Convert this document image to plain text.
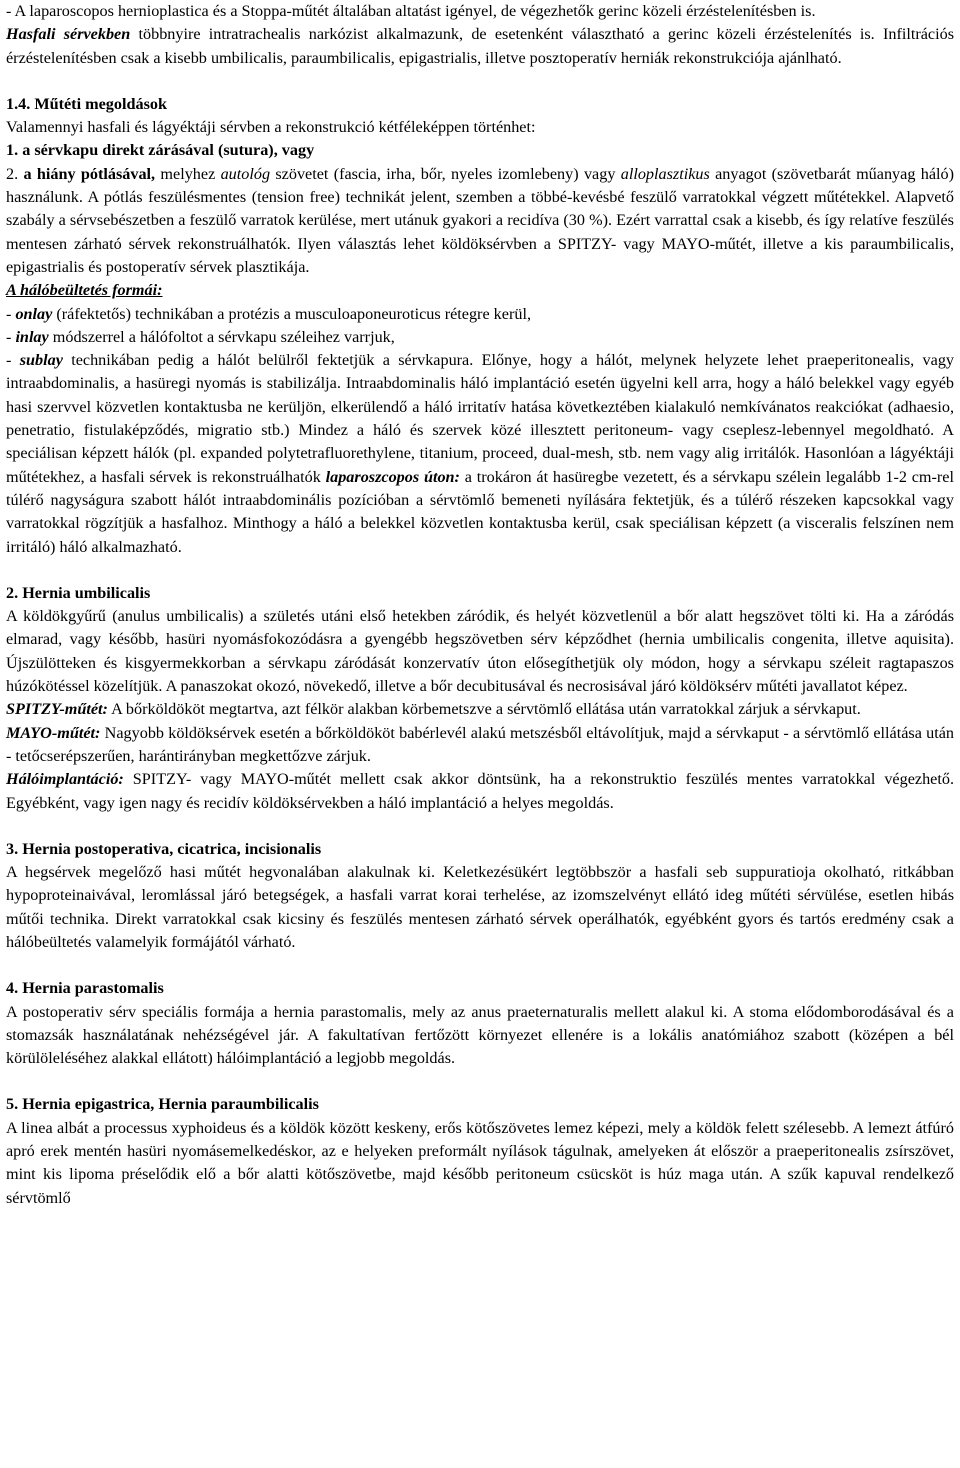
- A laparoscopos hernioplastica és a Stoppa-műtét általában altatást igényel, de végezhetők gerinc közeli érzéstelenítésben is.

Hasfali sérvekben többnyire intratrachealis narkózist alkalmazunk, de esetenként választható a gerinc közeli érzéstelenítés is. Infiltrációs érzéstelenítésben csak a kisebb umbilicalis, paraumbilicalis, epigastrialis, illetve posztoperatív herniák rekonstrukciója ajánlható.

1.4. Műtéti megoldások

Valamennyi hasfali és lágyéktáji sérvben a rekonstrukció kétféleképpen történhet:

1. a sérvkapu direkt zárásával (sutura), vagy

2. a hiány pótlásával, melyhez autológ szövetet (fascia, irha, bőr, nyeles izomlebeny) vagy alloplasztikus anyagot (szövetbarát műanyag háló) használunk. A pótlás feszülésmentes (tension free) technikát jelent, szemben a többé-kevésbé feszülő varratokkal végzett műtétekkel. Alapvető szabály a sérvsebészetben a feszülő varratok kerülése, mert utánuk gyakori a recidíva (30 %). Ezért varrattal csak a kisebb, és így relatíve feszülés mentesen zárható sérvek rekonstruálhatók. Ilyen választás lehet köldöksérvben a SPITZY- vagy MAYO-műtét, illetve a kis paraumbilicalis, epigastrialis és postoperatív sérvek plasztikája.

A hálóbeültetés formái:

- onlay (ráfektetős) technikában a protézis a musculoaponeuroticus rétegre kerül,

- inlay módszerrel a hálófoltot a sérvkapu széleihez varrjuk,

- sublay technikában pedig a hálót belülről fektetjük a sérvkapura. Előnye, hogy a hálót, melynek helyzete lehet praeperitonealis, vagy intraabdominalis, a hasüregi nyomás is stabilizálja. Intraabdominalis háló implantáció esetén ügyelni kell arra, hogy a háló belekkel vagy egyéb hasi szervvel közvetlen kontaktusba ne kerüljön, elkerülendő a háló irritatív hatása következtében kialakuló nemkívánatos reakciókat (adhaesio, penetratio, fistulaképződés, migratio stb.) Mindez a háló és szervek közé illesztett peritoneum- vagy cseplesz-lebennyel megoldható. A speciálisan képzett hálók (pl. expanded polytetrafluorethylene, titanium, proceed, dual-mesh, stb. nem vagy alig irritálók. Hasonlóan a lágyéktáji műtétekhez, a hasfali sérvek is rekonstruálhatók laparoszcopos úton: a trokáron át hasüregbe vezetett, és a sérvkapu szélein legalább 1-2 cm-rel túlérő nagyságura szabott hálót intraabdominális pozícióban a sérvtömlő bemeneti nyílására fektetjük, és a túlérő részeken kapcsokkal vagy varratokkal rögzítjük a hasfalhoz. Minthogy a háló a belekkel közvetlen kontaktusba kerül, csak speciálisan képzett (a visceralis felszínen nem irritáló) háló alkalmazható.

2. Hernia umbilicalis

A köldökgyűrű (anulus umbilicalis) a születés utáni első hetekben záródik, és helyét közvetlenül a bőr alatt hegszövet tölti ki. Ha a záródás elmarad, vagy később, hasüri nyomásfokozódásra a gyengébb hegszövetben sérv képződhet (hernia umbilicalis congenita, illetve aquisita). Újszülötteken és kisgyermekkorban a sérvkapu záródását konzervatív úton elősegíthetjük oly módon, hogy a sérvkapu széleit ragtapaszos húzókötéssel közelítjük. A panaszokat okozó, növekedő, illetve a bőr decubitusával és necrosisával járó köldöksérv műtéti javallatot képez.

SPITZY-műtét: A bőrköldököt megtartva, azt félkör alakban körbemetszve a sérvtömlő ellátása után varratokkal zárjuk a sérvkaput.

MAYO-műtét: Nagyobb köldöksérvek esetén a bőrköldököt babérlevél alakú metszésből eltávolítjuk, majd a sérvkaput - a sérvtömlő ellátása után - tetőcserépszerűen, harántirányban megkettőzve zárjuk.

Hálóimplantáció: SPITZY- vagy MAYO-műtét mellett csak akkor döntsünk, ha a rekonstruktio feszülés mentes varratokkal végezhető. Egyébként, vagy igen nagy és recidív köldöksérvekben a háló implantáció a helyes megoldás.

3. Hernia postoperativa, cicatrica, incisionalis

A hegsérvek megelőző hasi műtét hegvonalában alakulnak ki. Keletkezésükért legtöbbször a hasfali seb suppuratioja okolható, ritkábban hypoproteinaivával, leromlással járó betegségek, a hasfali varrat korai terhelése, az izomszelvényt ellátó ideg műtéti sérvülése, esetlen hibás műtői technika. Direkt varratokkal csak kicsiny és feszülés mentesen zárható sérvek operálhatók, egyébként gyors és tartós eredmény csak a hálóbeültetés valamelyik formájától várható.

4. Hernia parastomalis

A postoperativ sérv speciális formája a hernia parastomalis, mely az anus praeternaturalis mellett alakul ki. A stoma elődomborodásával és a stomazsák használatának nehézségével jár. A fakultatívan fertőzött környezet ellenére is a lokális anatómiához szabott (középen a bél körülöleléséhez alakkal ellátott) hálóimplantáció a legjobb megoldás.

5. Hernia epigastrica, Hernia paraumbilicalis

A linea albát a processus xyphoideus és a köldök között keskeny, erős kötőszövetes lemez képezi, mely a köldök felett szélesebb. A lemezt átfúró apró erek mentén hasüri nyomásemelkedéskor, az e helyeken preformált nyílások tágulnak, amelyeken át először a praeperitonealis zsírszövet, mint kis lipoma préselődik elő a bőr alatti kötőszövetbe, majd később peritoneum csücsköt is húz maga után. A szűk kapuval rendelkező sérvtömlő
